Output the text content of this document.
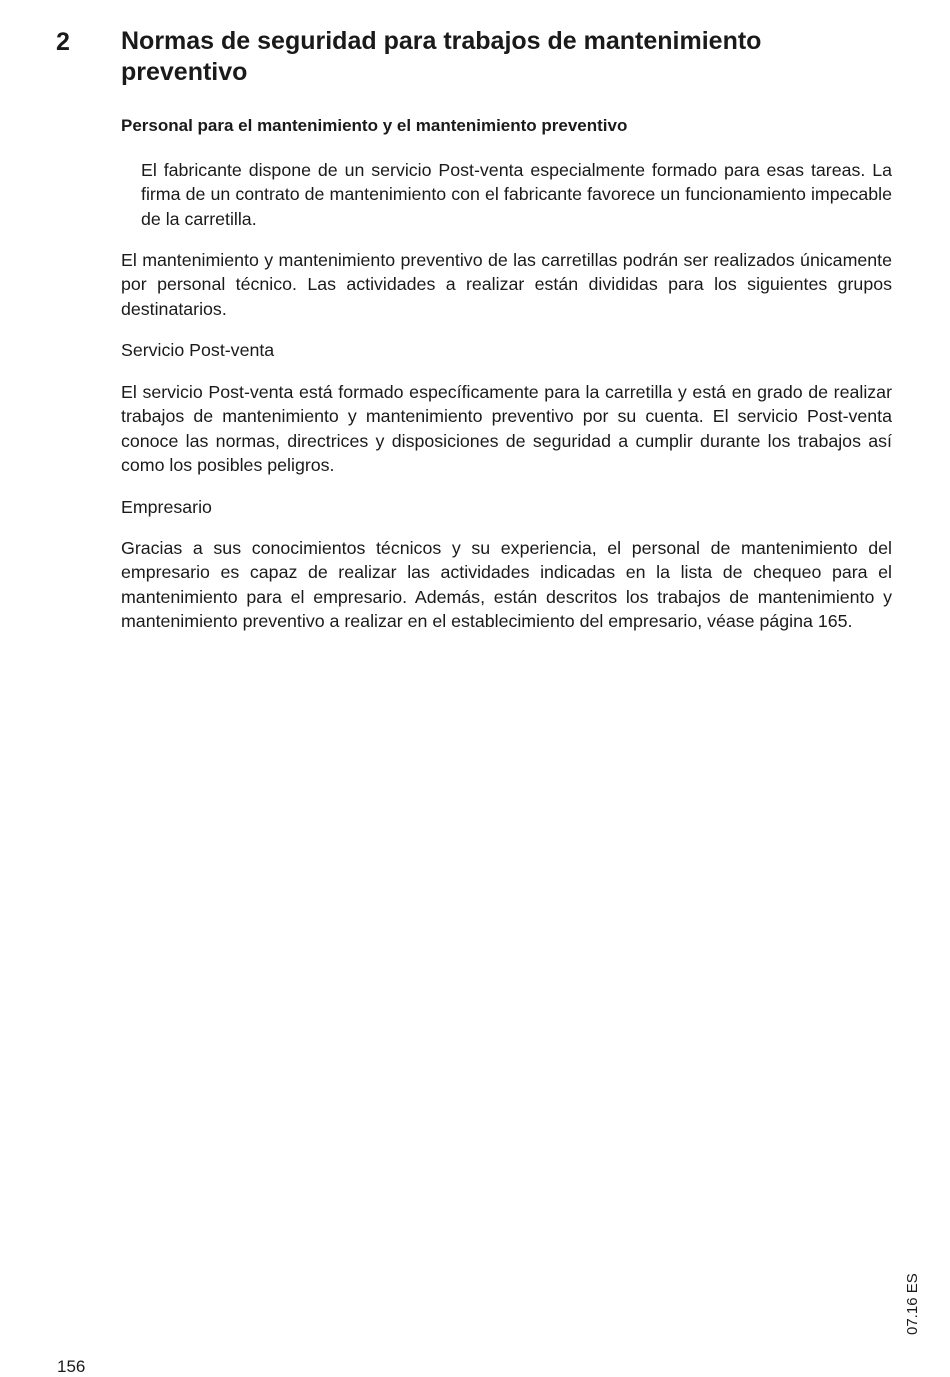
2 Normas de seguridad para trabajos de mantenimiento preventivo
Personal para el mantenimiento y el mantenimiento preventivo

El fabricante dispone de un servicio Post-venta especialmente formado para esas tareas. La firma de un contrato de mantenimiento con el fabricante favorece un funcionamiento impecable de la carretilla.

El mantenimiento y mantenimiento preventivo de las carretillas podrán ser realizados únicamente por personal técnico. Las actividades a realizar están divididas para los siguientes grupos destinatarios.

Servicio Post-venta

El servicio Post-venta está formado específicamente para la carretilla y está en grado de realizar trabajos de mantenimiento y mantenimiento preventivo por su cuenta. El servicio Post-venta conoce las normas, directrices y disposiciones de seguridad a cumplir durante los trabajos así como los posibles peligros.

Empresario

Gracias a sus conocimientos técnicos y su experiencia, el personal de mantenimiento del empresario es capaz de realizar las actividades indicadas en la lista de chequeo para el mantenimiento para el empresario. Además, están descritos los trabajos de mantenimiento y mantenimiento preventivo a realizar en el establecimiento del empresario, véase página 165.

156
07.16 ES
